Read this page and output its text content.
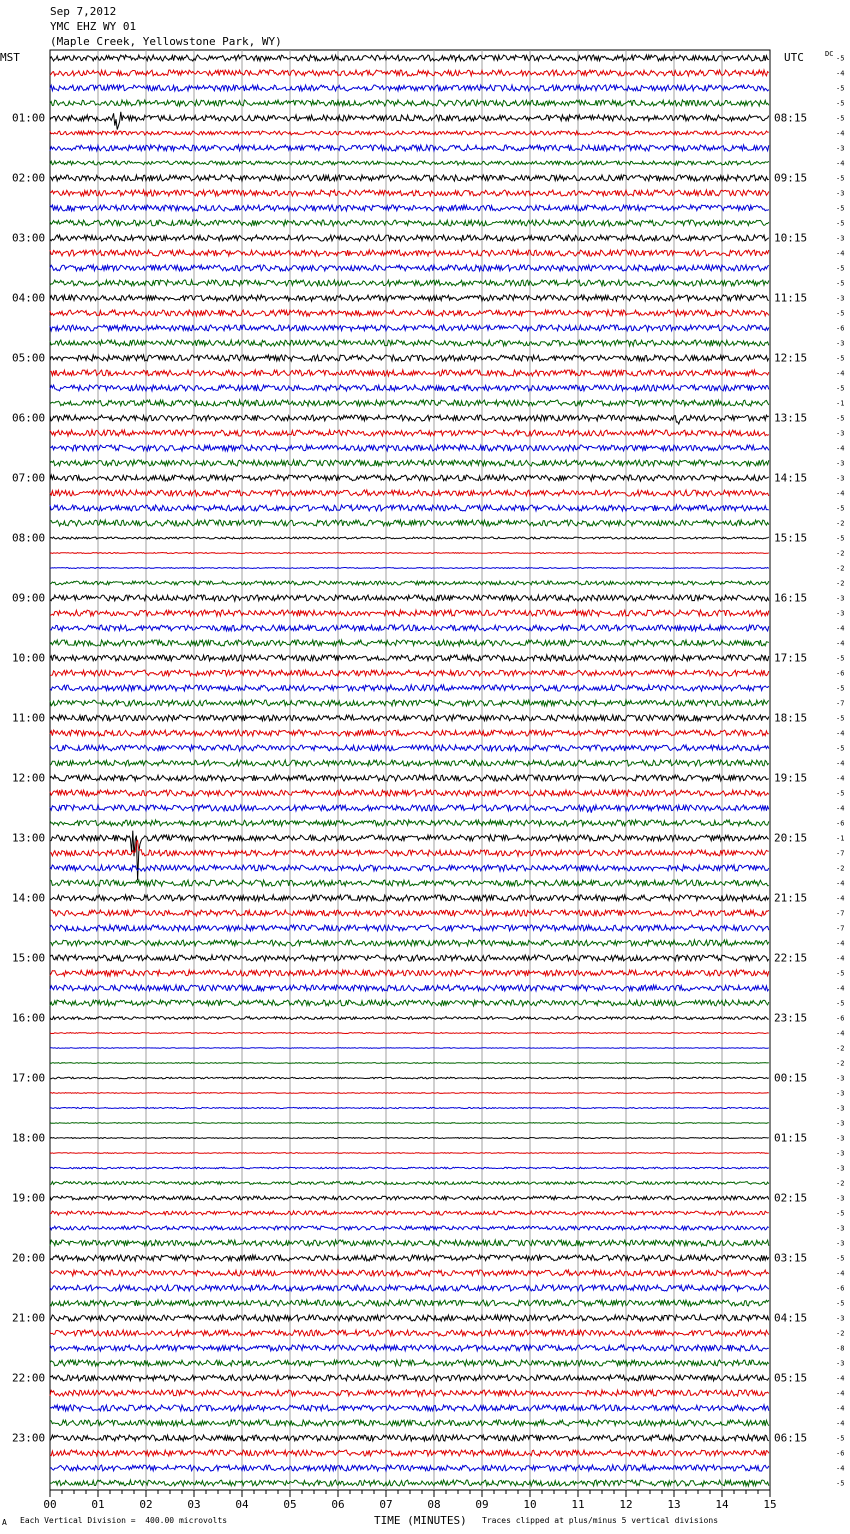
Sep 7,2012
YMC EHZ WY 01
(Maple Creek, Yellowstone Park, WY)
MST	UTC	DC
01:00
02:00
03:00
04:00
05:00
06:00
07:00
08:00
09:00
10:00
11:00
12:00
13:00
14:00
15:00
16:00
17:00
18:00
19:00
20:00
21:00
22:00
23:00
08:15
09:15
10:15
11:15
12:15
13:15
14:15
15:15
16:15
17:15
18:15
19:15
20:15
21:15
22:15
23:15
00:15
01:15
02:15
03:15
04:15
05:15
06:15
-5
-4
-5
-5
-5
-4
-3
-4
-5
-3
-5
-5
-3
-4
-5
-5
-3
-5
-6
-3
-5
-4
-5
-1
-5
-3
-4
-3
-3
-4
-5
-2
-5
-2
-2
-2
-3
-3
-4
-4
-5
-6
-5
-7
-5
-4
-5
-4
-4
-5
-4
-6
-1
-7
-2
-4
-4
-7
-7
-4
-4
-5
-4
-5
-6
-4
-2
-2
-3
-3
-3
-3
-3
-3
-3
-2
-3
-5
-3
-3
-5
-4
-6
-5
-3
-2
-8
-3
-4
-4
-4
-4
-5
-6
-4
-5
00	01	02	03	04	05	06	07	08	09	10	11	12	13	14	15
A Each Vertical Division =  400.00 microvolts	TIME (MINUTES) Traces clipped at plus/minus 5 vertical divisions
